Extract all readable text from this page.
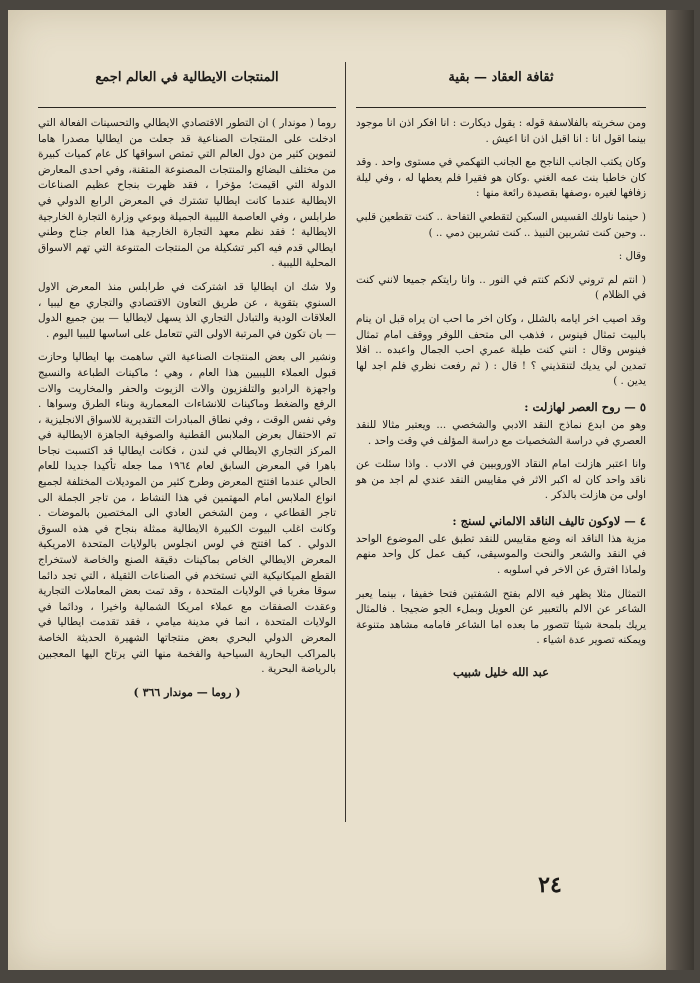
المنتجات الايطالية في العالم اجمع

روما ( موندار ) ان التطور الاقتصادي الايطالي والتحسينات الفعالة التي ادخلت على المنتجات الصناعية قد جعلت من ايطاليا مصدرا هاما لتموين كثير من دول العالم التي تمتص اسواقها كل عام كميات كبيرة من مختلف البضائع والمنتجات المصنوعة المتقنة، وفي احدى المعارض الدولة التي اقيمت؛ مؤخرا ، فقد ظهرت بنجاح عظيم الصناعات الايطالية عندما كانت ايطاليا تشترك في المعرض الرابع الدولي في طرابلس ، وفي العاصمة الليبية الجميلة وبوعي وزارة التجارة الخارجية الايطالية ؛ فقد نظم معهد التجارة الخارجية هذا العام جناح وطني ايطالي قدم فيه اكبر تشكيلة من المنتجات المتنوعة التي تهم الاسواق المحلية الليبية .

ولا شك ان ايطاليا قد اشتركت في طرابلس منذ المعرض الاول السنوي بتقوية ، عن طريق التعاون الاقتصادي والتجاري مع ليبيا ، العلاقات الودية والتبادل التجاري الذ يسهل لايطاليا — بين جميع الدول — بان تكون في المرتبة الاولى التي تتعامل على اساسها لليبيا اليوم .

ونشير الى بعض المنتجات الصناعية التي ساهمت بها ايطاليا وحازت قبول العملاء الليبيين هذا العام ، وهي ؛ ماكينات الطباعة والنسيج واجهزة الراديو والتلفزيون والات الزيوت والحفر والمخاريت والات الرفع والضغط وماكينات للانشاءات المعمارية وبناء الطرق وسواها . وفي نفس الوقت ، وفي نطاق المبادرات التقديرية للاسواق الانجليزية ، تم الاحتفال بعرض الملابس القطنية والصوفية الجاهزة الايطالية في المركز التجاري الايطالي في لندن ، فكانت ايطاليا قد اكتسبت نجاحا باهرا في المعرض السابق لعام ١٩٦٤ مما جعله تأكيدا جديدا للعام الحالي عندما افتتح المعرض وطرح كثير من الموديلات المختلفة لجميع انواع الملابس امام المهتمين في هذا النشاط ، من تاجر الجملة الى تاجر القطاعي ، ومن الشخص العادي الى المختصين بالموضات . وكانت اغلب البيوت الكبيرة الايطالية ممثلة بنجاح في هذه السوق الدولي . كما افتتح في لوس انجلوس بالولايات المتحدة الامريكية المعرض الايطالي الخاص بماكينات دقيقة الصنع والخاصة لاستخراج القطع الميكانيكية التي تستخدم في الصناعات الثقيلة ، التي تجد دائما سوقا مغريا في الولايات المتحدة ، وقد تمت بعض المعاملات التجارية وعقدت الصفقات مع عملاء امريكا الشمالية واخيرا ، ودائما في الولايات المتحدة ، انما في مدينة ميامي ، فقد تقدمت ايطاليا في المعرض الدولي البحري بعض منتجاتها الشهيرة الحديثة الخاصة بالمراكب البحارية السياحية والفخمة منها التي يرتاح اليها المعجبين بالرياضة البحرية .

( روما — موندار ٣٦٦ )
ثقافة العقاد — بقية

ومن سخريته بالفلاسفة قوله : يقول ديكارت : انا افكر اذن انا موجود بينما اقول انا : انا اقبل اذن انا اعيش .

وكان يكتب الجانب الناجح مع الجانب التهكمي في مستوى واحد . وقد كان خاطبا بنت عمه الغني .وكان هو فقيرا فلم يعطها له ، وفي ليلة زفافها لغيره ،وصفها بقصيدة رائعة منها :

( حينما ناولك القسيس السكين لتقطعي التفاحة .. كنت تقطعين قلبي .. وحين كنت تشربين النبيذ .. كنت تشربين دمي .. )

وقال :

( انتم لم تروني لانكم كنتم في النور .. وانا رايتكم جميعا لانني كنت في الظلام )

وقد اصيب اخر ايامه بالشلل ، وكان اخر ما احب ان يراه قبل ان ينام بالبيت تمثال فينوس ، فذهب الى متحف اللوفر ووقف امام تمثال فينوس وقال : انني كنت طيلة عمري احب الجمال واعبده .. افلا تمدين لي يديك لتنقذيني ؟ ! قال : ( ثم رفعت نظري فلم اجد لها يدين . )

٥ — روح العصر لهازلت :

وهو من ابدع نماذج النقد الادبي والشخصي ... ويعتبر مثالا للنقد العصري في دراسة الشخصيات مع دراسة المؤلف في وقت واحد .

وانا اعتبر هازلت امام النقاد الاوروبيين في الادب . واذا سئلت عن ناقد واحد كان له اكبر الاثر في مقاييس النقد عندي لم اجد من هو اولى من هازلت بالذكر .

٤ — لاوكون تاليف الناقد الالماني لسنج :

مزية هذا الناقد انه وضع مقاييس للنقد تطبق على الموضوع الواحد في النقد والشعر والنحت والموسيقى، كيف عمل كل واحد منهم ولماذا افترق عن الاخر في اسلوبه .

التمثال مثلا يظهر فيه الالم بفتح الشفتين فتحا خفيفا ، بينما يعبر الشاعر عن الالم بالتعبير عن العويل وبملء الجو ضجيجا . فالمثال يريك بلمحة شيئا تتصور ما بعده اما الشاعر فامامه مشاهد متنوعة ويمكنه تصوير عدة اشياء .

عبد الله خليل شبيب
٢٤
